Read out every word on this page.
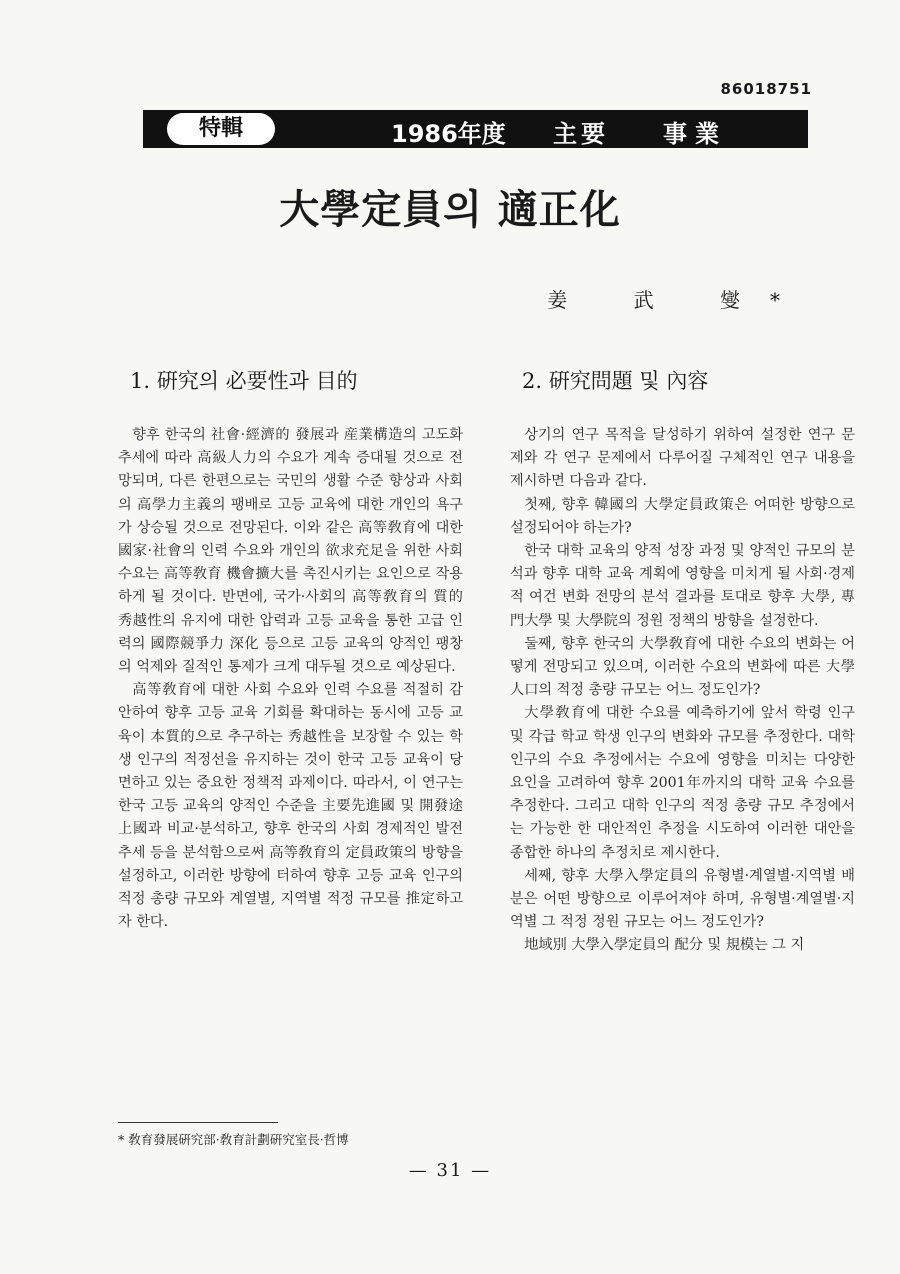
86018751
特輯	1986年度 主要 事業
大學定員의 適正化
姜 武 燮*
1. 硏究의 必要性과 目的

향후 한국의 社會·經濟的 發展과 産業構造의 고도화 추세에 따라 高級人力의 수요가 계속 증대될 것으로 전망되며, 다른 한편으로는 국민의 생활 수준 향상과 사회의 高學力主義의 팽배로 고등 교육에 대한 개인의 욕구가 상승될 것으로 전망된다. 이와 같은 高等敎育에 대한 國家·社會의 인력 수요와 개인의 欲求充足을 위한 사회 수요는 高等敎育 機會擴大를 촉진시키는 요인으로 작용하게 될 것이다. 반면에, 국가·사회의 高等敎育의 質的 秀越性의 유지에 대한 압력과 고등 교육을 통한 고급 인력의 國際競爭力 深化 등으로 고등 교육의 양적인 팽창의 억제와 질적인 통제가 크게 대두될 것으로 예상된다.

高等敎育에 대한 사회 수요와 인력 수요를 적절히 감안하여 향후 고등 교육 기회를 확대하는 동시에 고등 교육이 本質的으로 추구하는 秀越性을 보장할 수 있는 학생 인구의 적정선을 유지하는 것이 한국 고등 교육이 당면하고 있는 중요한 정책적 과제이다. 따라서, 이 연구는 한국 고등 교육의 양적인 수준을 主要先進國 및 開發途上國과 비교·분석하고, 향후 한국의 사회 경제적인 발전 추세 등을 분석함으로써 高等敎育의 定員政策의 방향을 설정하고, 이러한 방향에 터하여 향후 고등 교육 인구의 적정 총량 규모와 계열별, 지역별 적정 규모를 推定하고자 한다.

2. 硏究問題 및 內容

상기의 연구 목적을 달성하기 위하여 설정한 연구 문제와 각 연구 문제에서 다루어질 구체적인 연구 내용을 제시하면 다음과 같다.

첫째, 향후 韓國의 大學定員政策은 어떠한 방향으로 설정되어야 하는가?

한국 대학 교육의 양적 성장 과정 및 양적인 규모의 분석과 향후 대학 교육 계획에 영향을 미치게 될 사회·경제적 여건 변화 전망의 분석 결과를 토대로 향후 大學, 專門大學 및 大學院의 정원 정책의 방향을 설정한다.

둘째, 향후 한국의 大學敎育에 대한 수요의 변화는 어떻게 전망되고 있으며, 이러한 수요의 변화에 따른 大學人口의 적정 총량 규모는 어느 정도인가?

大學敎育에 대한 수요를 예측하기에 앞서 학령 인구 및 각급 학교 학생 인구의 변화와 규모를 추정한다. 대학 인구의 수요 추정에서는 수요에 영향을 미치는 다양한 요인을 고려하여 향후 2001年까지의 대학 교육 수요를 추정한다. 그리고 대학 인구의 적정 총량 규모 추정에서는 가능한 한 대안적인 추정을 시도하여 이러한 대안을 종합한 하나의 추정치로 제시한다.

세째, 향후 大學入學定員의 유형별·계열별·지역별 배분은 어떤 방향으로 이루어져야 하며, 유형별·계열별·지역별 그 적정 정원 규모는 어느 정도인가?

地域別 大學入學定員의 配分 및 規模는 그 지

* 敎育發展硏究部·敎育計劃硏究室長·哲博
— 31 —
